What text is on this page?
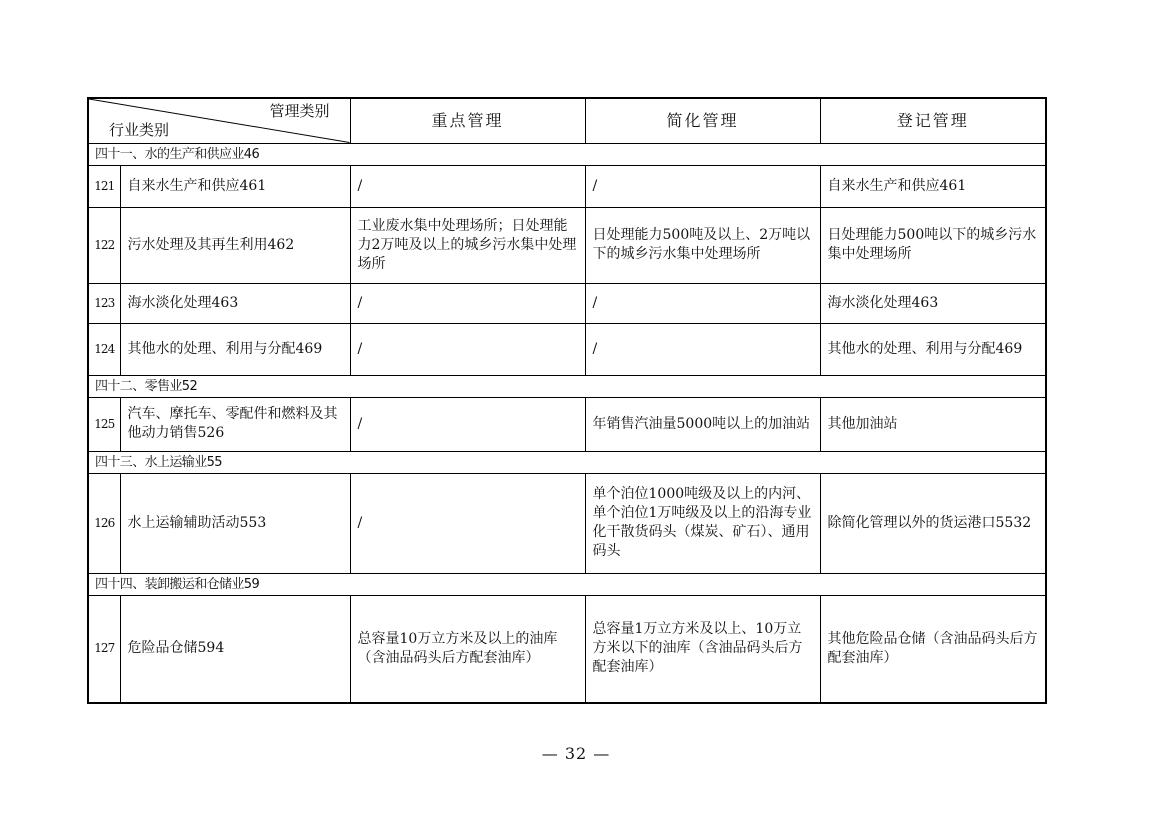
管理类别
行业类别		重点管理	简化管理	登记管理
四十一、水的生产和供应业46				
121	自来水生产和供应461	/	/	自来水生产和供应461
122	污水处理及其再生利用462	工业废水集中处理场所；日处理能力2万吨及以上的城乡污水集中处理场所	日处理能力500吨及以上、2万吨以下的城乡污水集中处理场所	日处理能力500吨以下的城乡污水集中处理场所
123	海水淡化处理463	/	/	海水淡化处理463
124	其他水的处理、利用与分配469	/	/	其他水的处理、利用与分配469
四十二、零售业52				
125	汽车、摩托车、零配件和燃料及其他动力销售526	/	年销售汽油量5000吨以上的加油站	其他加油站
四十三、水上运输业55				
126	水上运输辅助活动553	/	单个泊位1000吨级及以上的内河、单个泊位1万吨级及以上的沿海专业化干散货码头（煤炭、矿石）、通用码头	除简化管理以外的货运港口5532
四十四、装卸搬运和仓储业59				
127	危险品仓储594	总容量10万立方米及以上的油库（含油品码头后方配套油库）	总容量1万立方米及以上、10万立方米以下的油库（含油品码头后方配套油库）	其他危险品仓储（含油品码头后方配套油库）
— 32 —
